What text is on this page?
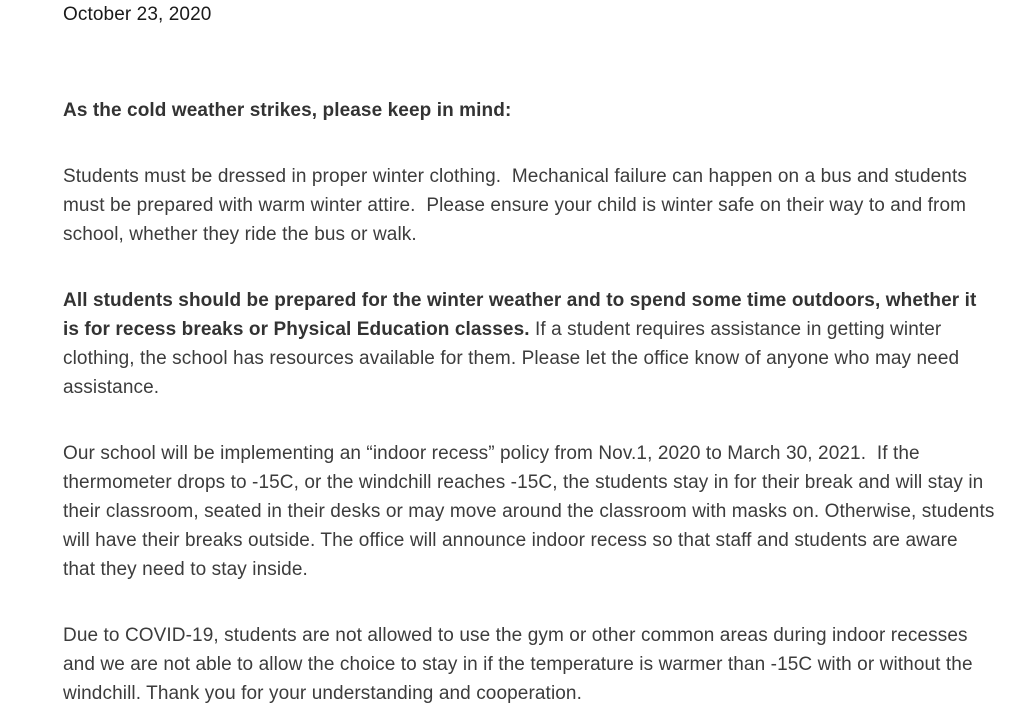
October 23, 2020

As the cold weather strikes, please keep in mind:

Students must be dressed in proper winter clothing.  Mechanical failure can happen on a bus and students must be prepared with warm winter attire.  Please ensure your child is winter safe on their way to and from school, whether they ride the bus or walk.

All students should be prepared for the winter weather and to spend some time outdoors, whether it is for recess breaks or Physical Education classes. If a student requires assistance in getting winter clothing, the school has resources available for them. Please let the office know of anyone who may need assistance.

Our school will be implementing an “indoor recess” policy from Nov.1, 2020 to March 30, 2021.  If the thermometer drops to -15C, or the windchill reaches -15C, the students stay in for their break and will stay in their classroom, seated in their desks or may move around the classroom with masks on. Otherwise, students will have their breaks outside. The office will announce indoor recess so that staff and students are aware that they need to stay inside.

Due to COVID-19, students are not allowed to use the gym or other common areas during indoor recesses and we are not able to allow the choice to stay in if the temperature is warmer than -15C with or without the windchill. Thank you for your understanding and cooperation.
